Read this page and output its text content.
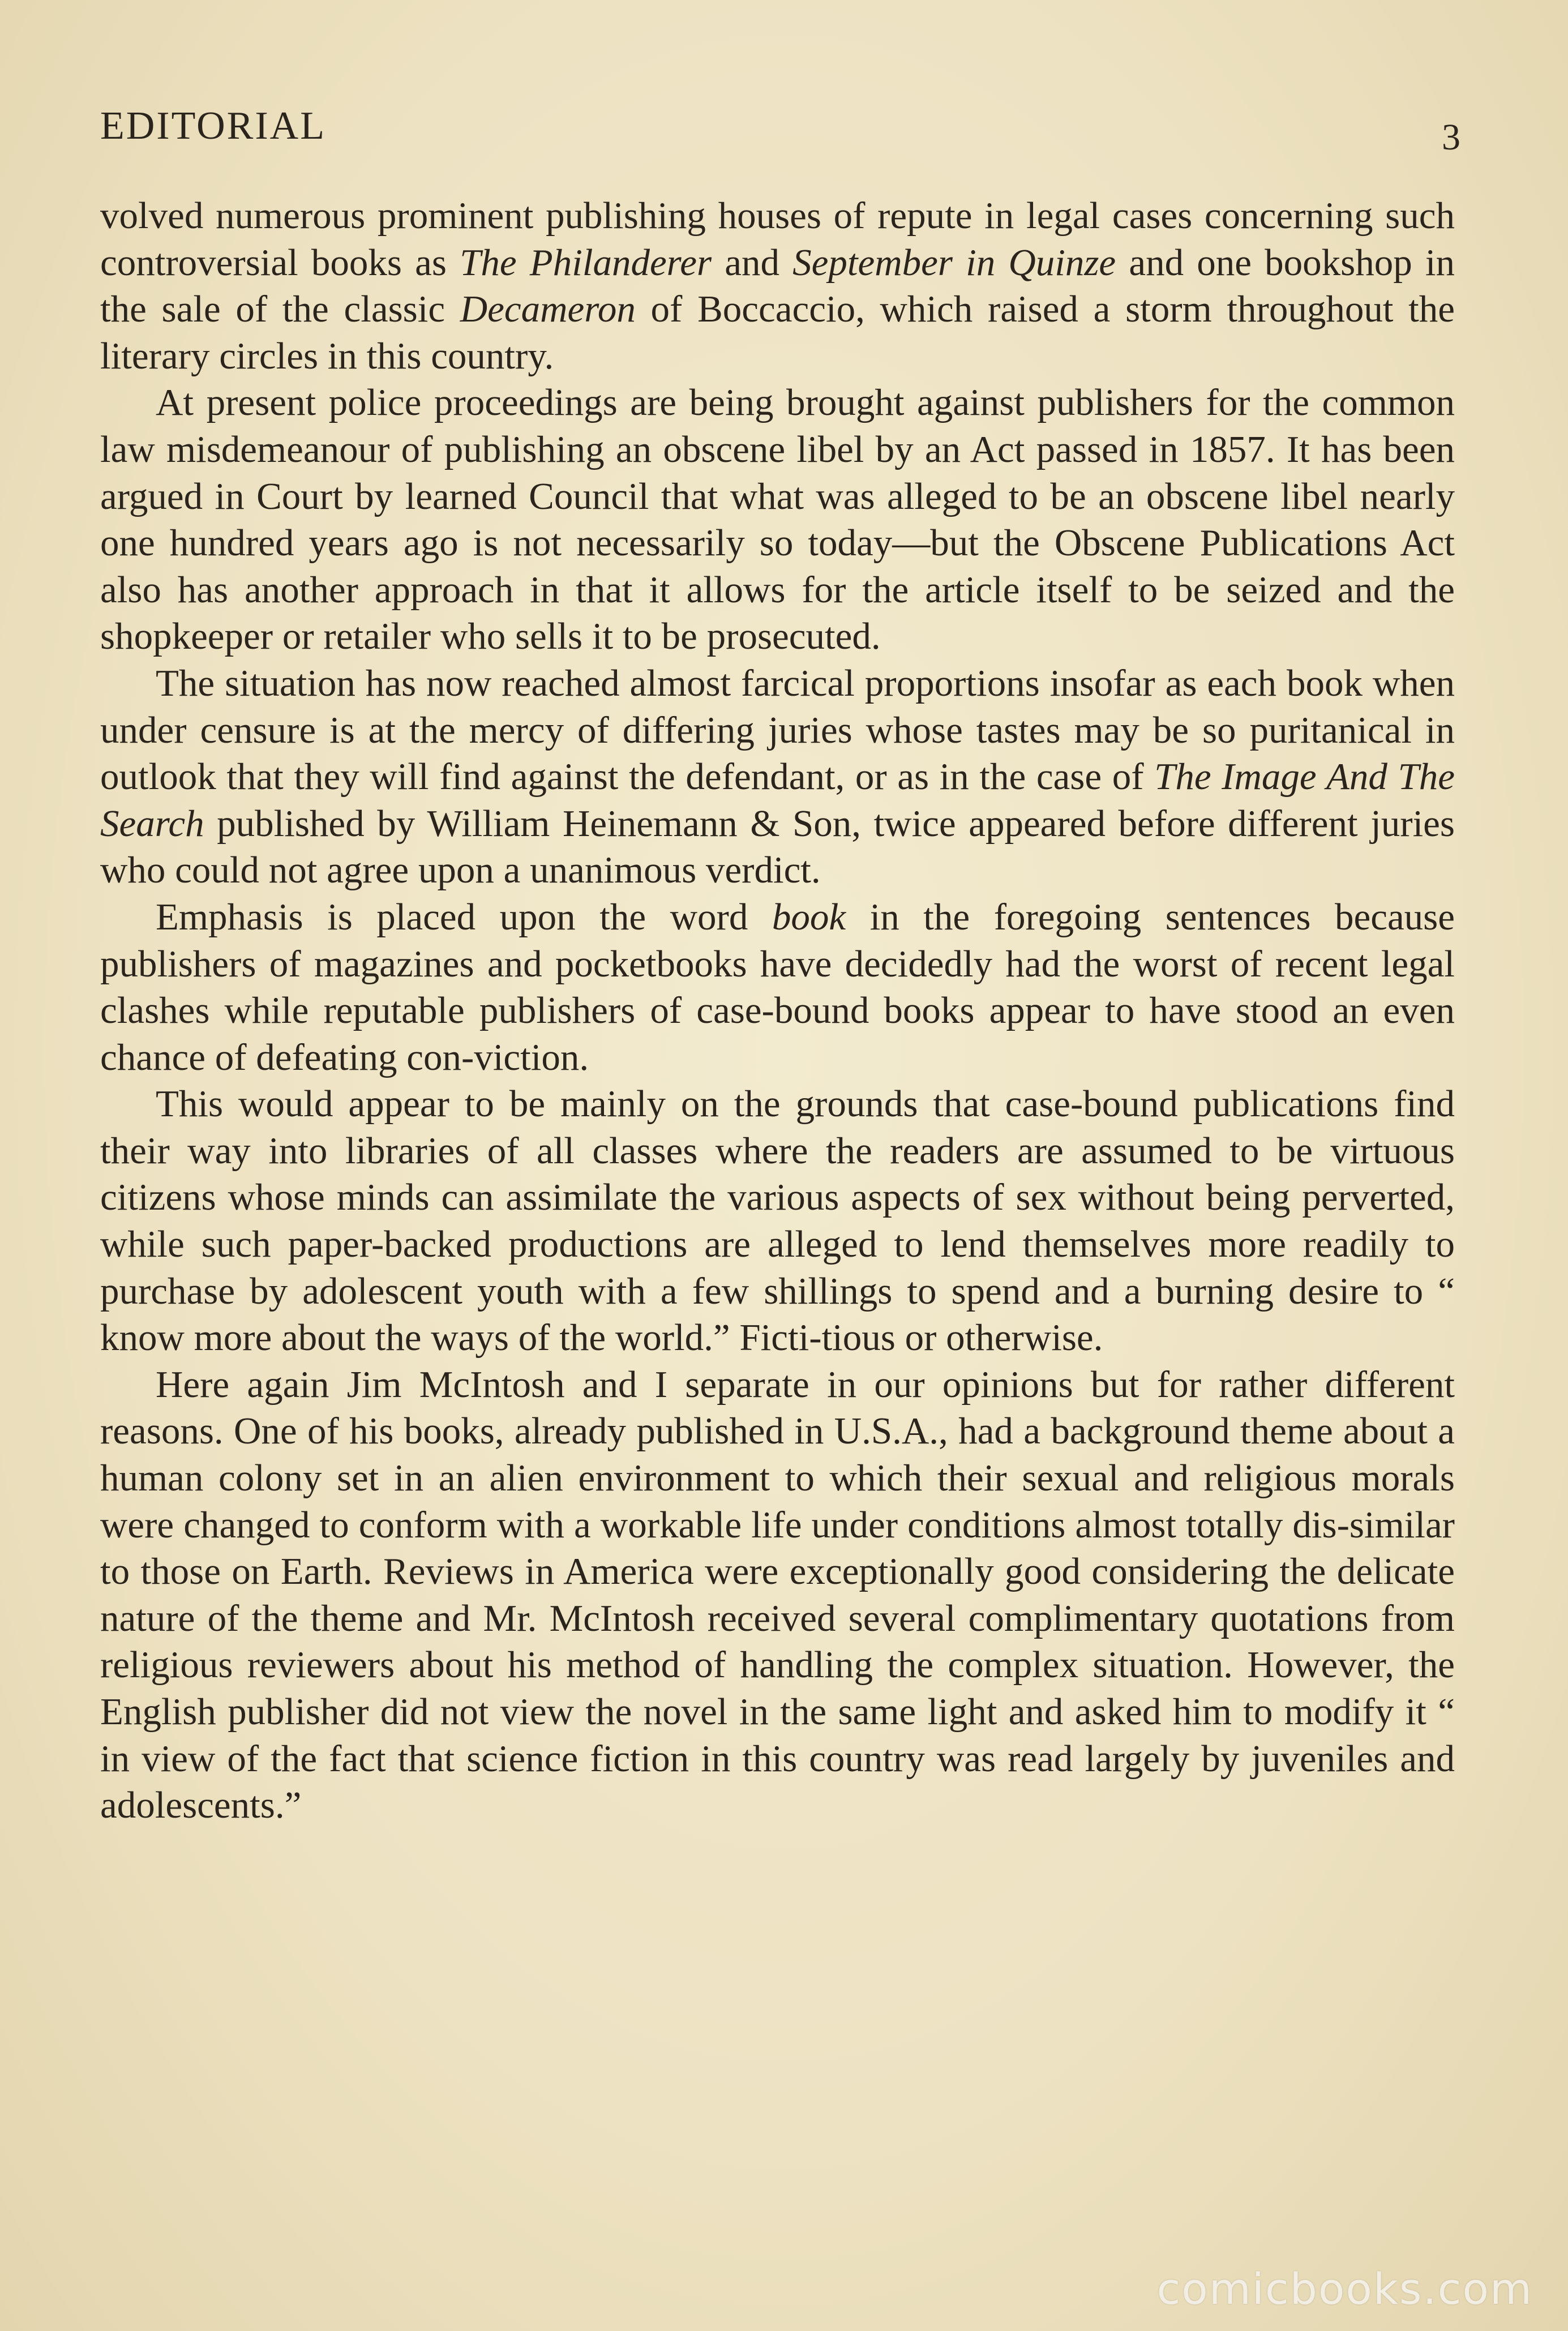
EDITORIAL	3

volved numerous prominent publishing houses of repute in legal cases concerning such controversial books as The Philanderer and September in Quinze and one bookshop in the sale of the classic Decameron of Boccaccio, which raised a storm throughout the literary circles in this country.

At present police proceedings are being brought against publishers for the common law misdemeanour of publishing an obscene libel by an Act passed in 1857. It has been argued in Court by learned Council that what was alleged to be an obscene libel nearly one hundred years ago is not necessarily so today—but the Obscene Publications Act also has another approach in that it allows for the article itself to be seized and the shopkeeper or retailer who sells it to be prosecuted.

The situation has now reached almost farcical proportions insofar as each book when under censure is at the mercy of differing juries whose tastes may be so puritanical in outlook that they will find against the defendant, or as in the case of The Image And The Search published by William Heinemann & Son, twice appeared before different juries who could not agree upon a unanimous verdict.

Emphasis is placed upon the word book in the foregoing sentences because publishers of magazines and pocketbooks have decidedly had the worst of recent legal clashes while reputable publishers of case-bound books appear to have stood an even chance of defeating con-viction.

This would appear to be mainly on the grounds that case-bound publications find their way into libraries of all classes where the readers are assumed to be virtuous citizens whose minds can assimilate the various aspects of sex without being perverted, while such paper-backed productions are alleged to lend themselves more readily to purchase by adolescent youth with a few shillings to spend and a burning desire to “ know more about the ways of the world.” Ficti-tious or otherwise.

Here again Jim McIntosh and I separate in our opinions but for rather different reasons. One of his books, already published in U.S.A., had a background theme about a human colony set in an alien environment to which their sexual and religious morals were changed to conform with a workable life under conditions almost totally dis-similar to those on Earth. Reviews in America were exceptionally good considering the delicate nature of the theme and Mr. McIntosh received several complimentary quotations from religious reviewers about his method of handling the complex situation. However, the English publisher did not view the novel in the same light and asked him to modify it “ in view of the fact that science fiction in this country was read largely by juveniles and adolescents.”

comicbooks.com
